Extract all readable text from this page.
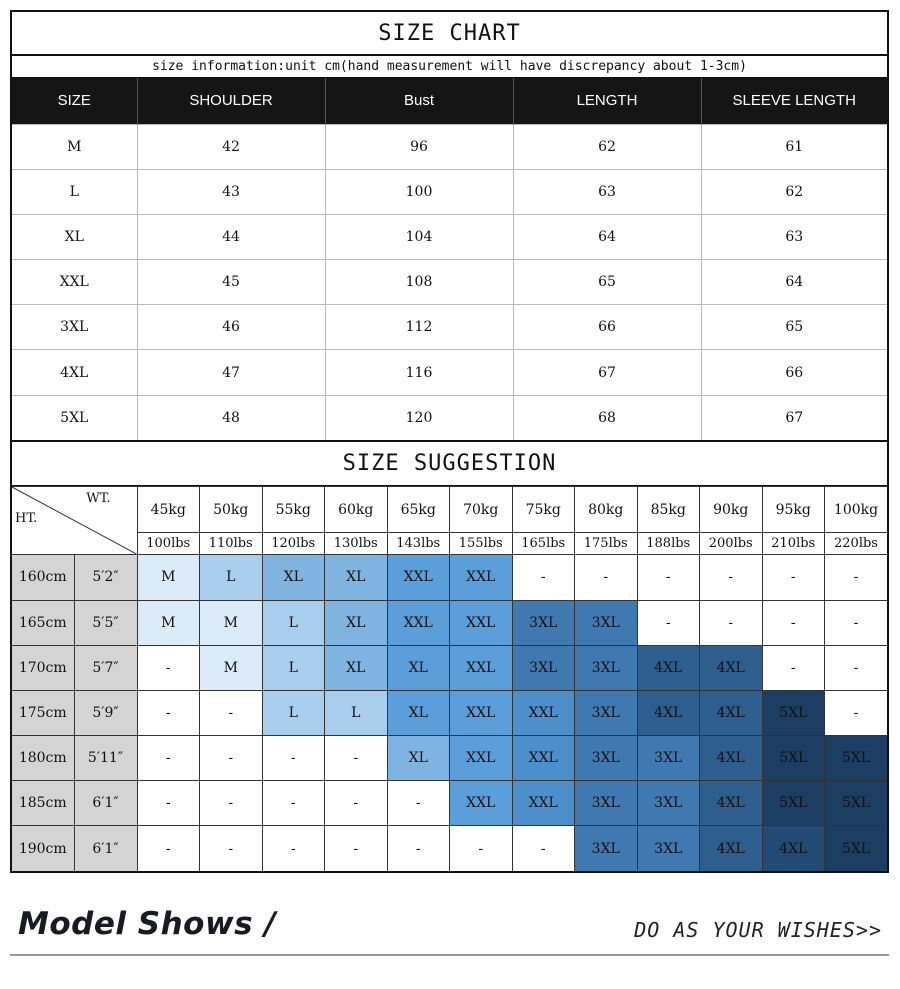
SIZE CHART
size information:unit cm(hand measurement will have discrepancy about 1-3cm)
SIZE	SHOULDER	Bust	LENGTH	SLEEVE LENGTH
M	42	96	62	61
L	43	100	63	62
XL	44	104	64	63
XXL	45	108	65	64
3XL	46	112	66	65
4XL	47	116	67	66
5XL	48	120	68	67
SIZE SUGGESTION
WT.
HT.		45kg	50kg	55kg	60kg	65kg	70kg	75kg	80kg	85kg	90kg	95kg	100kg
		100lbs	110lbs	120lbs	130lbs	143lbs	155lbs	165lbs	175lbs	188lbs	200lbs	210lbs	220lbs
160cm	5′2″	M	L	XL	XL	XXL	XXL	-	-	-	-	-	-
165cm	5′5″	M	M	L	XL	XXL	XXL	3XL	3XL	-	-	-	-
170cm	5′7″	-	M	L	XL	XL	XXL	3XL	3XL	4XL	4XL	-	-
175cm	5′9″	-	-	L	L	XL	XXL	XXL	3XL	4XL	4XL	5XL	-
180cm	5′11″	-	-	-	-	XL	XXL	XXL	3XL	3XL	4XL	5XL	5XL
185cm	6′1″	-	-	-	-	-	XXL	XXL	3XL	3XL	4XL	5XL	5XL
190cm	6′1″	-	-	-	-	-	-	-	3XL	3XL	4XL	4XL	5XL
Model Shows /	DO AS YOUR WISHES>>
